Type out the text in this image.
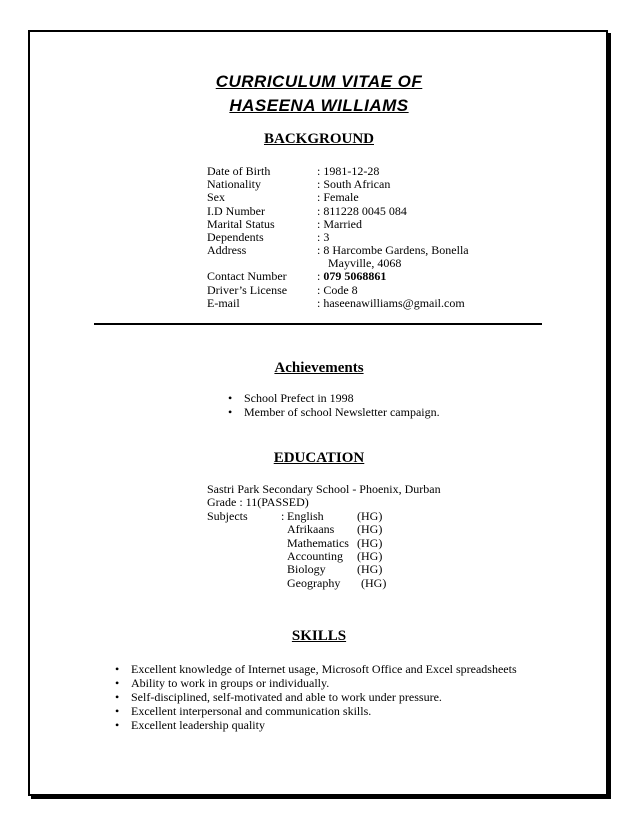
CURRICULUM VITAE OF
HASEENA WILLIAMS
BACKGROUND
Date of Birth	: 1981-12-28
Nationality	: South African
Sex	: Female
I.D Number	: 811228 0045 084
Marital Status	: Married
Dependents	: 3
Address	: 8 Harcombe Gardens, Bonella
Mayville, 4068
Contact Number	: 079 5068861
Driver’s License : Code 8
E-mail	: haseenawilliams@gmail.com
Achievements
• School Prefect in 1998
• Member of school Newsletter campaign.
EDUCATION
Sastri Park Secondary School - Phoenix, Durban
Grade : 11(PASSED)
Subjects	: English	(HG)
Afrikaans (HG)
Mathematics (HG)
Accounting (HG)
Biology	(HG)
Geography (HG)
SKILLS
• Excellent knowledge of Internet usage, Microsoft Office and Excel spreadsheets
• Ability to work in groups or individually.
• Self-disciplined, self-motivated and able to work under pressure.
• Excellent interpersonal and communication skills.
• Excellent leadership quality
